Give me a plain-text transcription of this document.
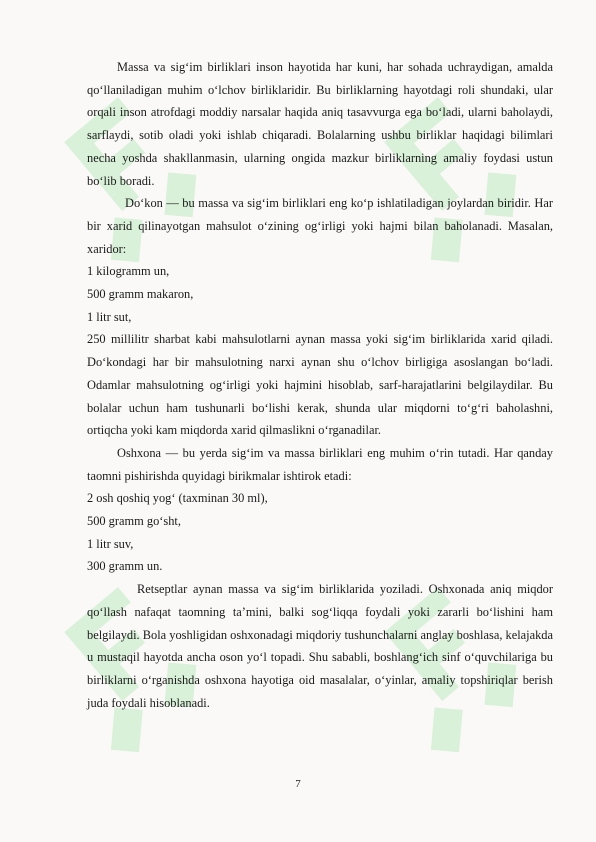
Massa va sig‘im birliklari inson hayotida har kuni, har sohada uchraydigan, amalda qo‘llaniladigan muhim o‘lchov birliklaridir. Bu birliklarning hayotdagi roli shundaki, ular orqali inson atrofdagi moddiy narsalar haqida aniq tasavvurga ega bo‘ladi, ularni baholaydi, sarflaydi, sotib oladi yoki ishlab chiqaradi. Bolalarning ushbu birliklar haqidagi bilimlari necha yoshda shakllanmasin, ularning ongida mazkur birliklarning amaliy foydasi ustun bo‘lib boradi.

Do‘kon — bu massa va sig‘im birliklari eng ko‘p ishlatiladigan joylardan biridir. Har bir xarid qilinayotgan mahsulot o‘zining og‘irligi yoki hajmi bilan baholanadi. Masalan, xaridor:

1 kilogramm un,

500 gramm makaron,

1 litr sut,

250 millilitr sharbat kabi mahsulotlarni aynan massa yoki sig‘im birliklarida xarid qiladi. Do‘kondagi har bir mahsulotning narxi aynan shu o‘lchov birligiga asoslangan bo‘ladi. Odamlar mahsulotning og‘irligi yoki hajmini hisoblab, sarf-harajatlarini belgilaydilar. Bu bolalar uchun ham tushunarli bo‘lishi kerak, shunda ular miqdorni to‘g‘ri baholashni, ortiqcha yoki kam miqdorda xarid qilmaslikni o‘rganadilar.

Oshxona — bu yerda sig‘im va massa birliklari eng muhim o‘rin tutadi. Har qanday taomni pishirishda quyidagi birikmalar ishtirok etadi:

2 osh qoshiq yog‘ (taxminan 30 ml),

500 gramm go‘sht,

1 litr suv,

300 gramm un.

Retseptlar aynan massa va sig‘im birliklarida yoziladi. Oshxonada aniq miqdor qo‘llash nafaqat taomning ta’mini, balki sog‘liqqa foydali yoki zararli bo‘lishini ham belgilaydi. Bola yoshligidan oshxonadagi miqdoriy tushunchalarni anglay boshlasa, kelajakda u mustaqil hayotda ancha oson yo‘l topadi. Shu sababli, boshlang‘ich sinf o‘quvchilariga bu birliklarni o‘rganishda oshxona hayotiga oid masalalar, o‘yinlar, amaliy topshiriqlar berish juda foydali hisoblanadi.

7
